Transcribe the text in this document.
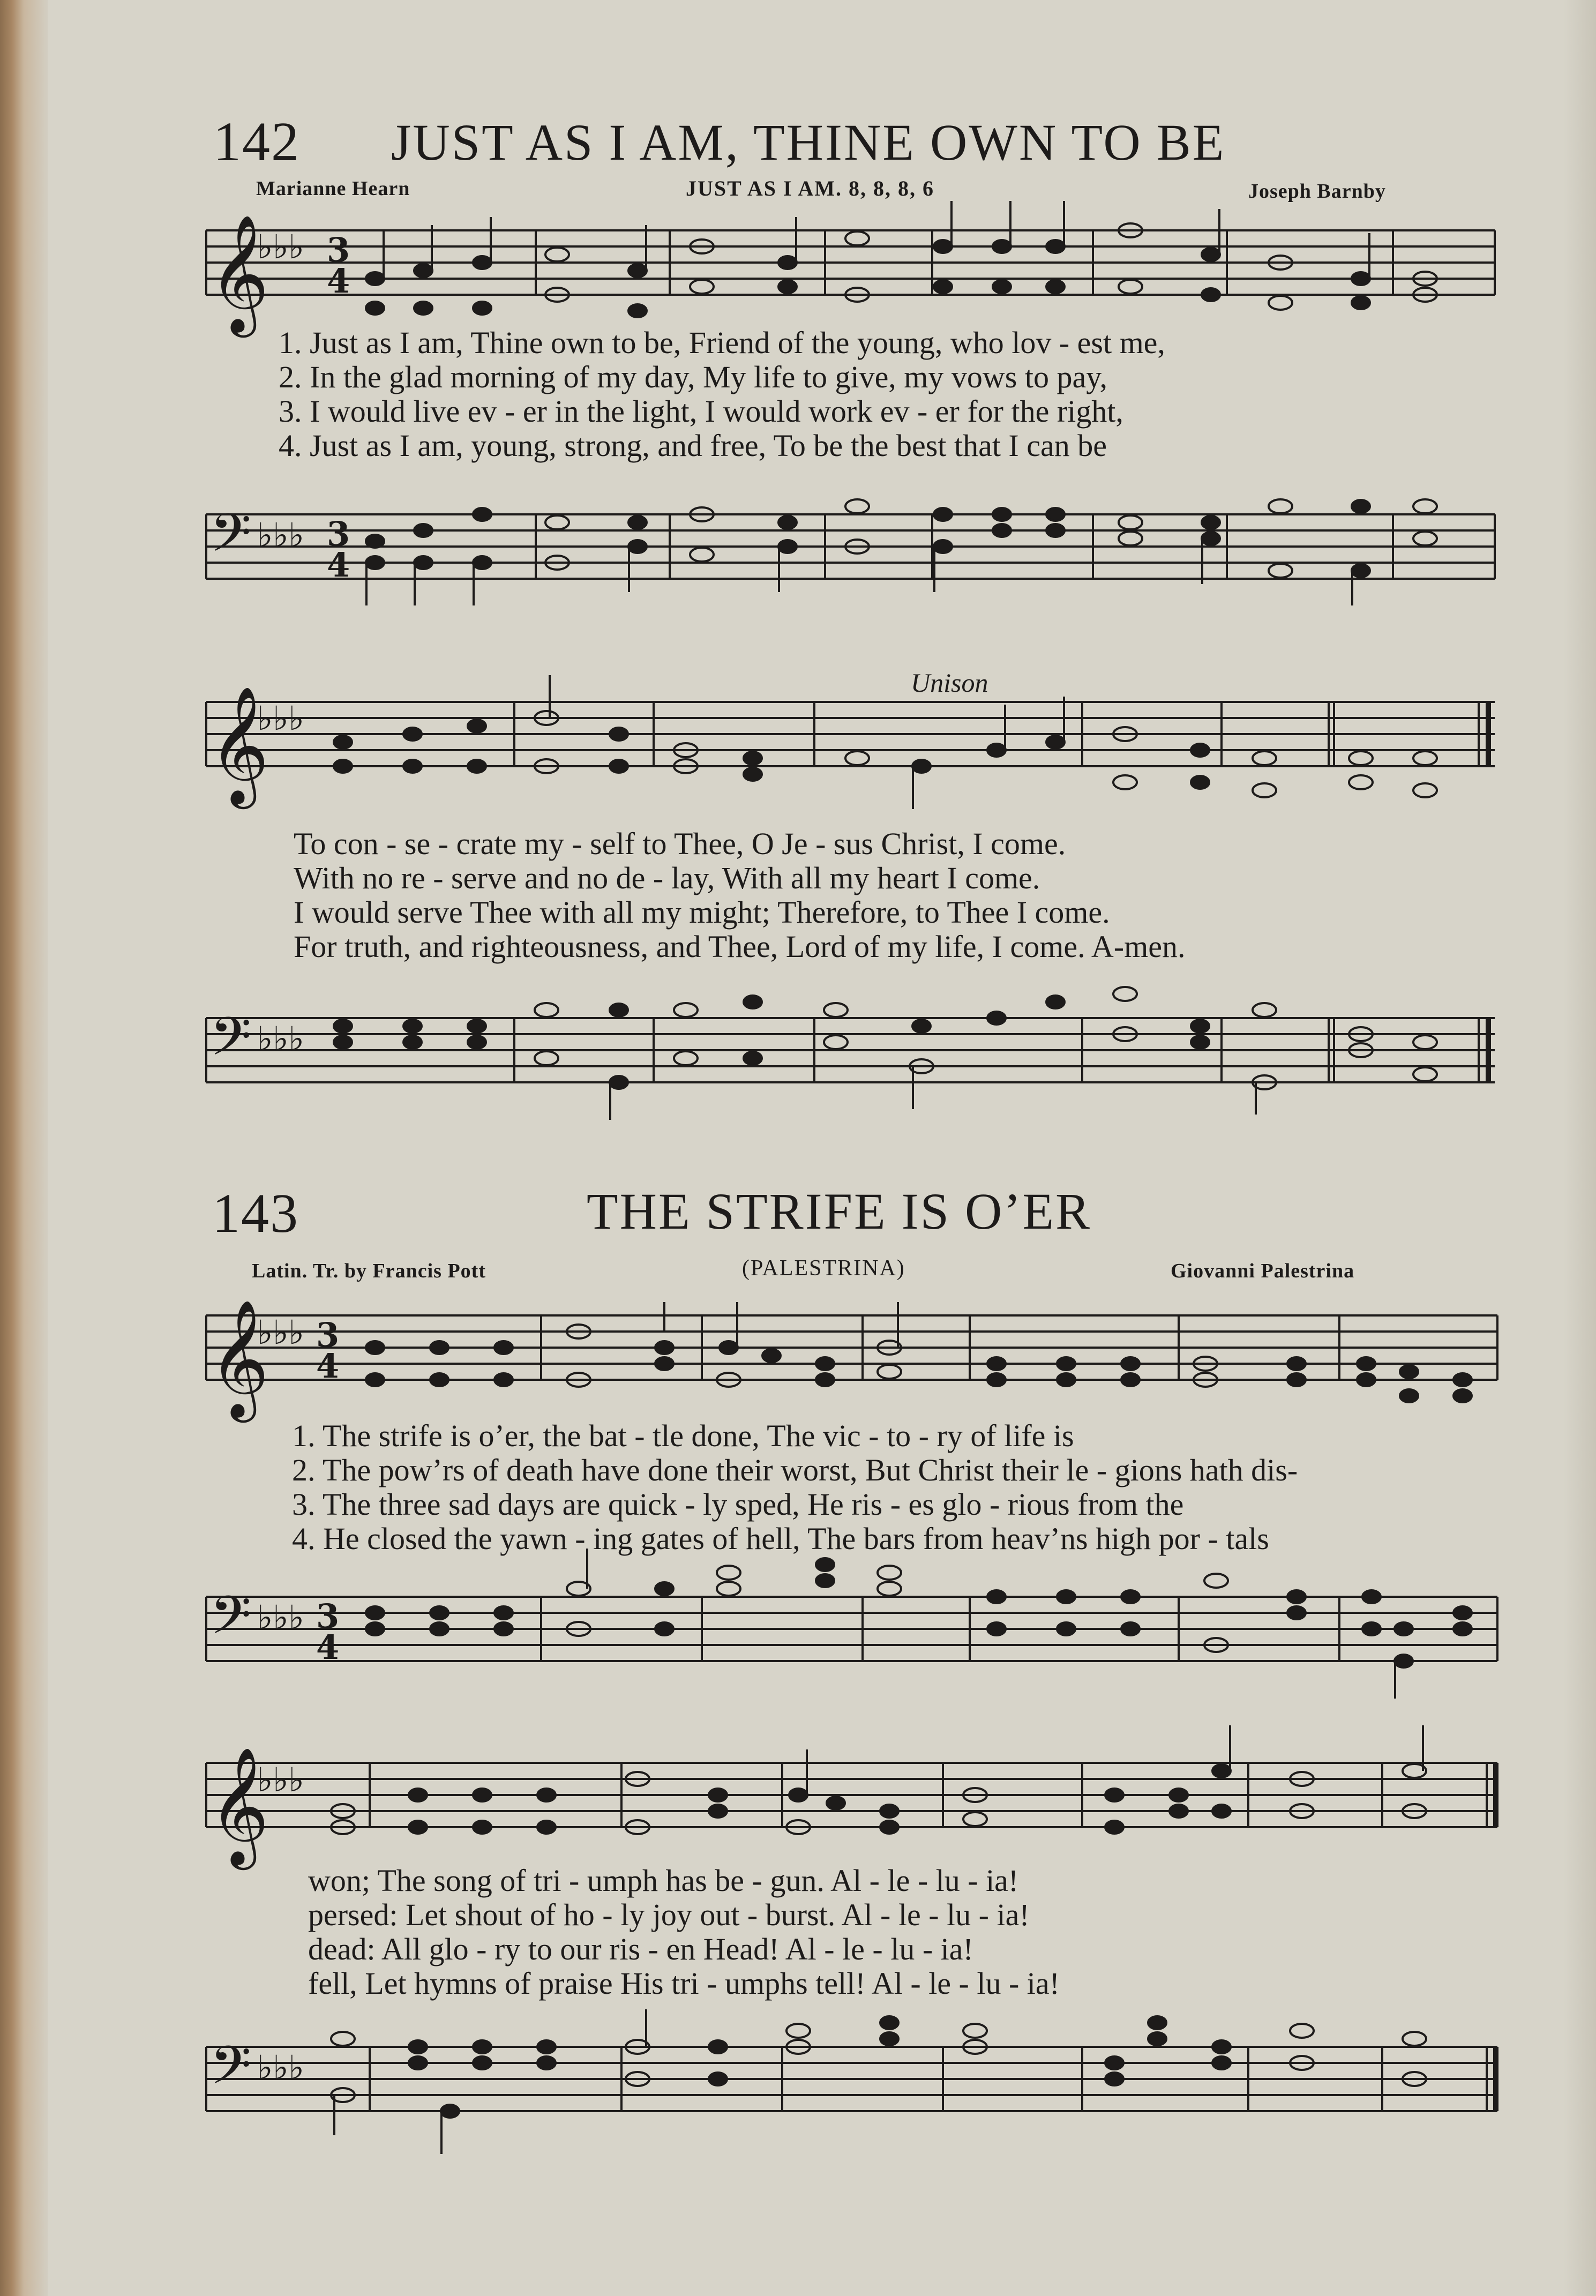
142 JUST AS I AM, THINE OWN TO BE
Marianne Hearn	JUST AS I AM. 8, 8, 8, 6	Joseph Barnby
𝄞
♭♭♭ 3
4
𝄢 ♭♭♭ 3
4
𝄞
♭♭♭
𝄢 ♭♭♭
𝄞
♭♭♭ 3
4
𝄢 ♭♭♭ 3
4
𝄞
♭♭♭
𝄢 ♭♭♭
1. Just as I am, Thine own to be, Friend of the young, who lov - est me,
2. In the glad morning of my day, My life to give, my vows to pay,
3. I would live ev - er in the light, I would work ev - er for the right,
4. Just as I am, young, strong, and free, To be the best that I can be
Unison
To con - se - crate my - self to Thee, O Je - sus Christ, I come.
With no re - serve and no de - lay, With all my heart I come.
I would serve Thee with all my might; Therefore, to Thee I come.
For truth, and righteousness, and Thee, Lord of my life, I come. A-men.
143	THE STRIFE IS O’ER
Latin. Tr. by Francis Pott	(PALESTRINA)	Giovanni Palestrina
1. The strife is o’er, the bat - tle done, The vic - to - ry of life is
2. The pow’rs of death have done their worst, But Christ their le - gions hath dis-
3. The three sad days are quick - ly sped, He ris - es glo - rious from the
4. He closed the yawn - ing gates of hell, The bars from heav’ns high por - tals
won; The song of tri - umph has be - gun. Al - le - lu - ia!
persed: Let shout of ho - ly joy out - burst. Al - le - lu - ia!
dead: All glo - ry to our ris - en Head! Al - le - lu - ia!
fell, Let hymns of praise His tri - umphs tell! Al - le - lu - ia!
